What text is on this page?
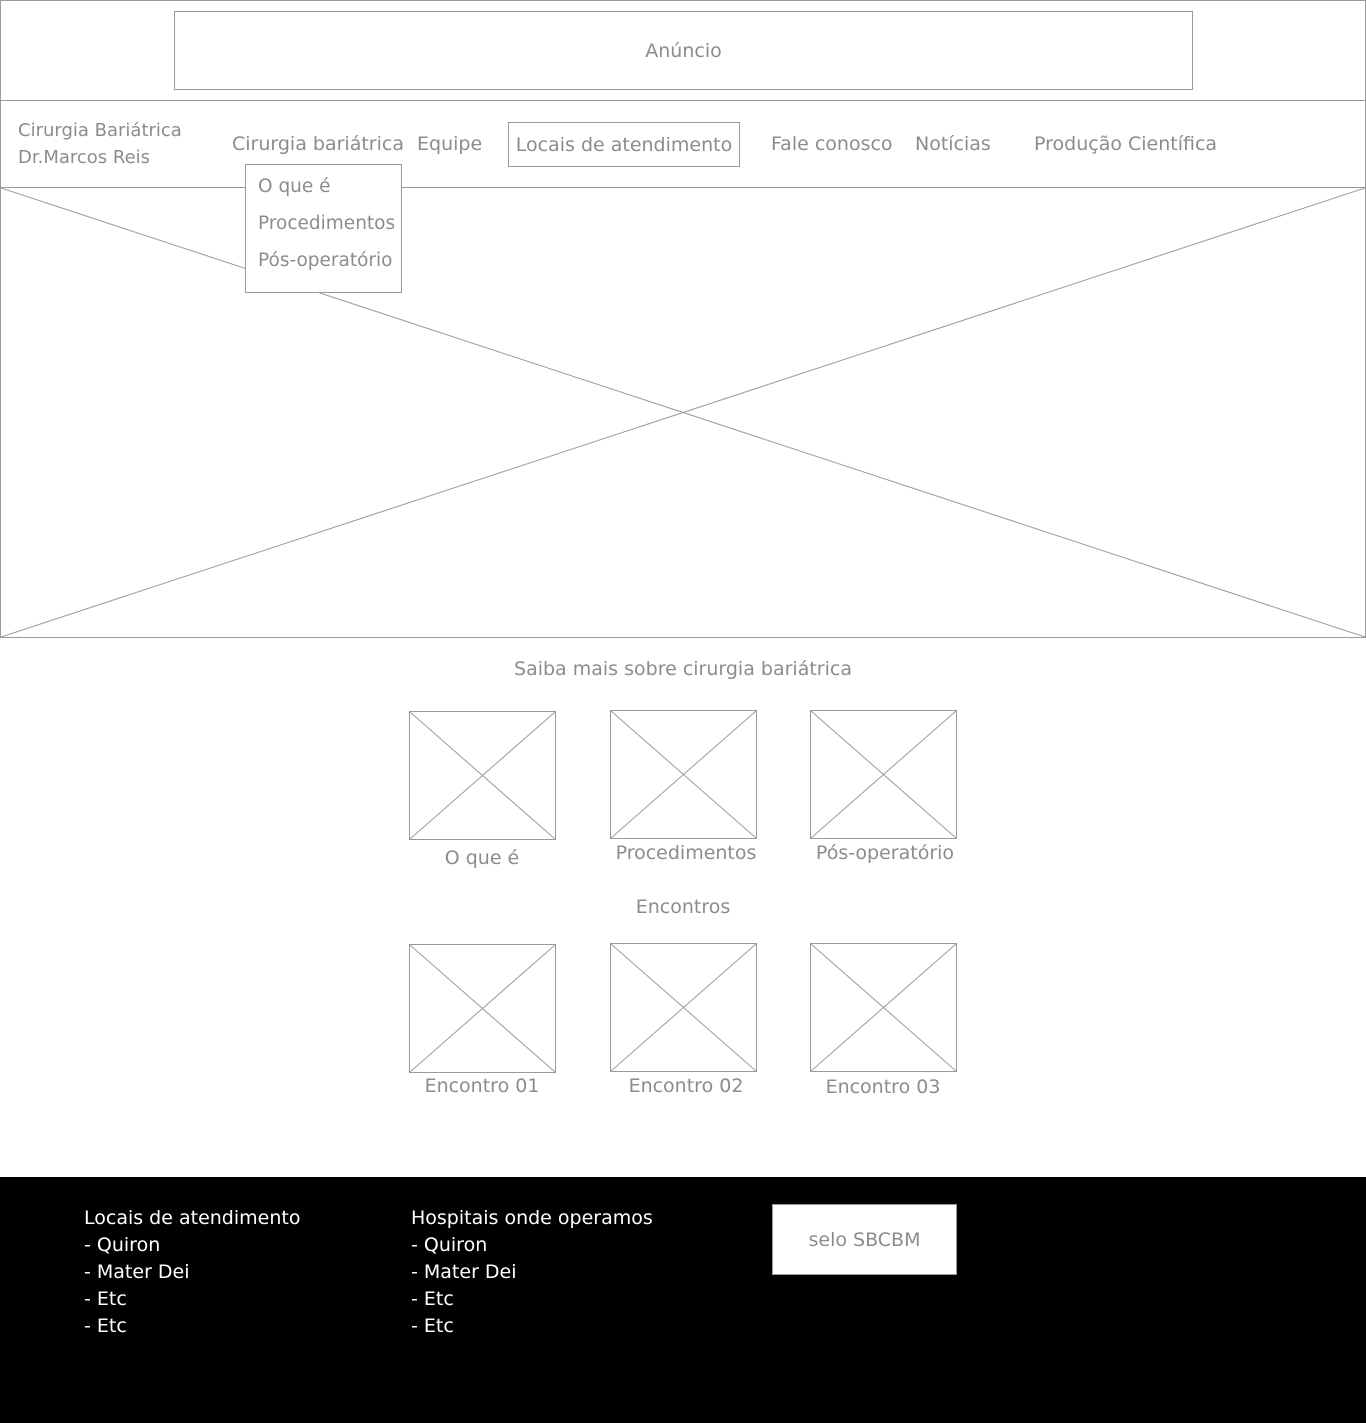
Anúncio
Cirurgia Bariátrica
Dr.Marcos Reis
Cirurgia bariátrica Equipe Locais de atendimento Fale conosco Notícias Produção Científica
O que é
Procedimentos
Pós-operatório
Saiba mais sobre cirurgia bariátrica
O que é	Procedimentos	Pós-operatório
Encontros
Encontro 01	Encontro 02	Encontro 03
Locais de atendimento
- Quiron
- Mater Dei
- Etc
- Etc
Hospitais onde operamos
- Quiron
- Mater Dei
- Etc
- Etc
selo SBCBM
